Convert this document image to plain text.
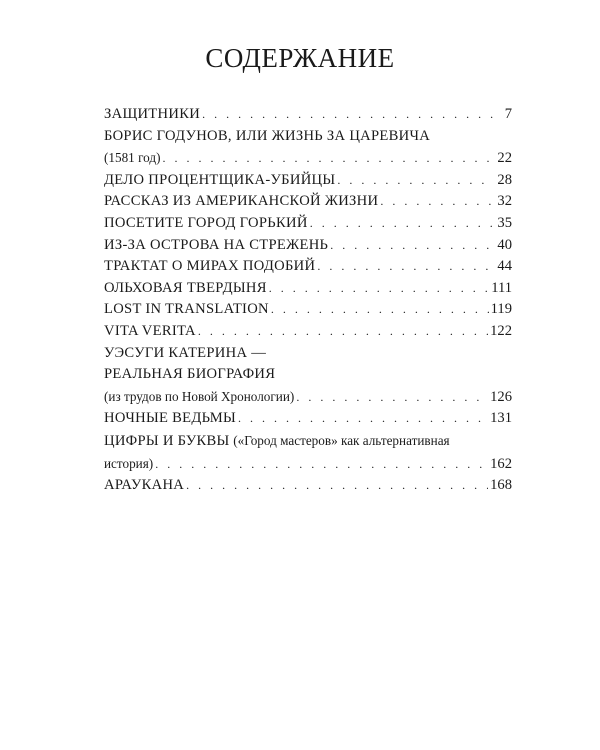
СОДЕРЖАНИЕ
ЗАЩИТНИКИ . . .	7
БОРИС ГОДУНОВ, ИЛИ ЖИЗНЬ ЗА ЦАРЕВИЧА
(1581 год) . . .	22
ДЕЛО ПРОЦЕНТЩИКА-УБИЙЦЫ . . .	28
РАССКАЗ ИЗ АМЕРИКАНСКОЙ ЖИЗНИ . . .	32
ПОСЕТИТЕ ГОРОД ГОРЬКИЙ . . .	35
ИЗ-ЗА ОСТРОВА НА СТРЕЖЕНЬ . . .	40
ТРАКТАТ О МИРАХ ПОДОБИЙ . . .	44
ОЛЬХОВАЯ ТВЕРДЫНЯ . . .	111
LOST IN TRANSLATION . . .	119
VITA VERITA . . .	122
УЭСУГИ КАТЕРИНА —
РЕАЛЬНАЯ БИОГРАФИЯ
(из трудов по Новой Хронологии) . . .	126
НОЧНЫЕ ВЕДЬМЫ . . .	131
ЦИФРЫ И БУКВЫ («Город мастеров» как альтернативная
история) . . .	162
АРАУКАНА . . .	168
